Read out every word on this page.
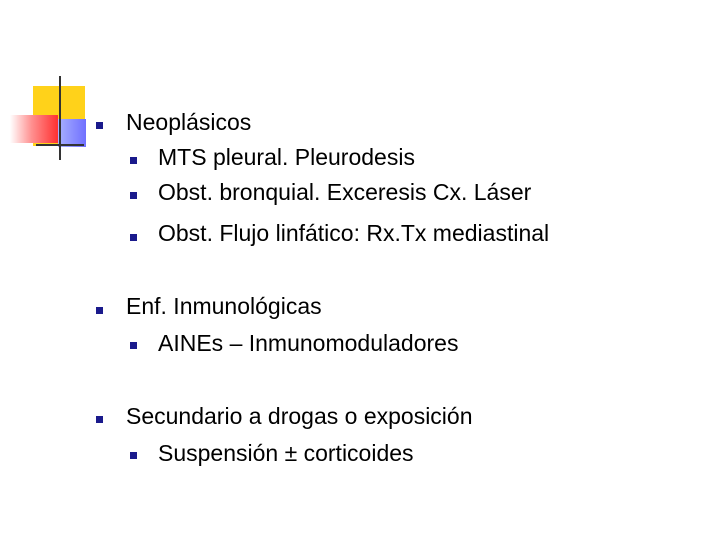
Neoplásicos
MTS pleural. Pleurodesis
Obst. bronquial. Exceresis Cx. Láser
Obst. Flujo linfático: Rx.Tx mediastinal
Enf. Inmunológicas
AINEs – Inmunomoduladores
Secundario a drogas o exposición
Suspensión ± corticoides
